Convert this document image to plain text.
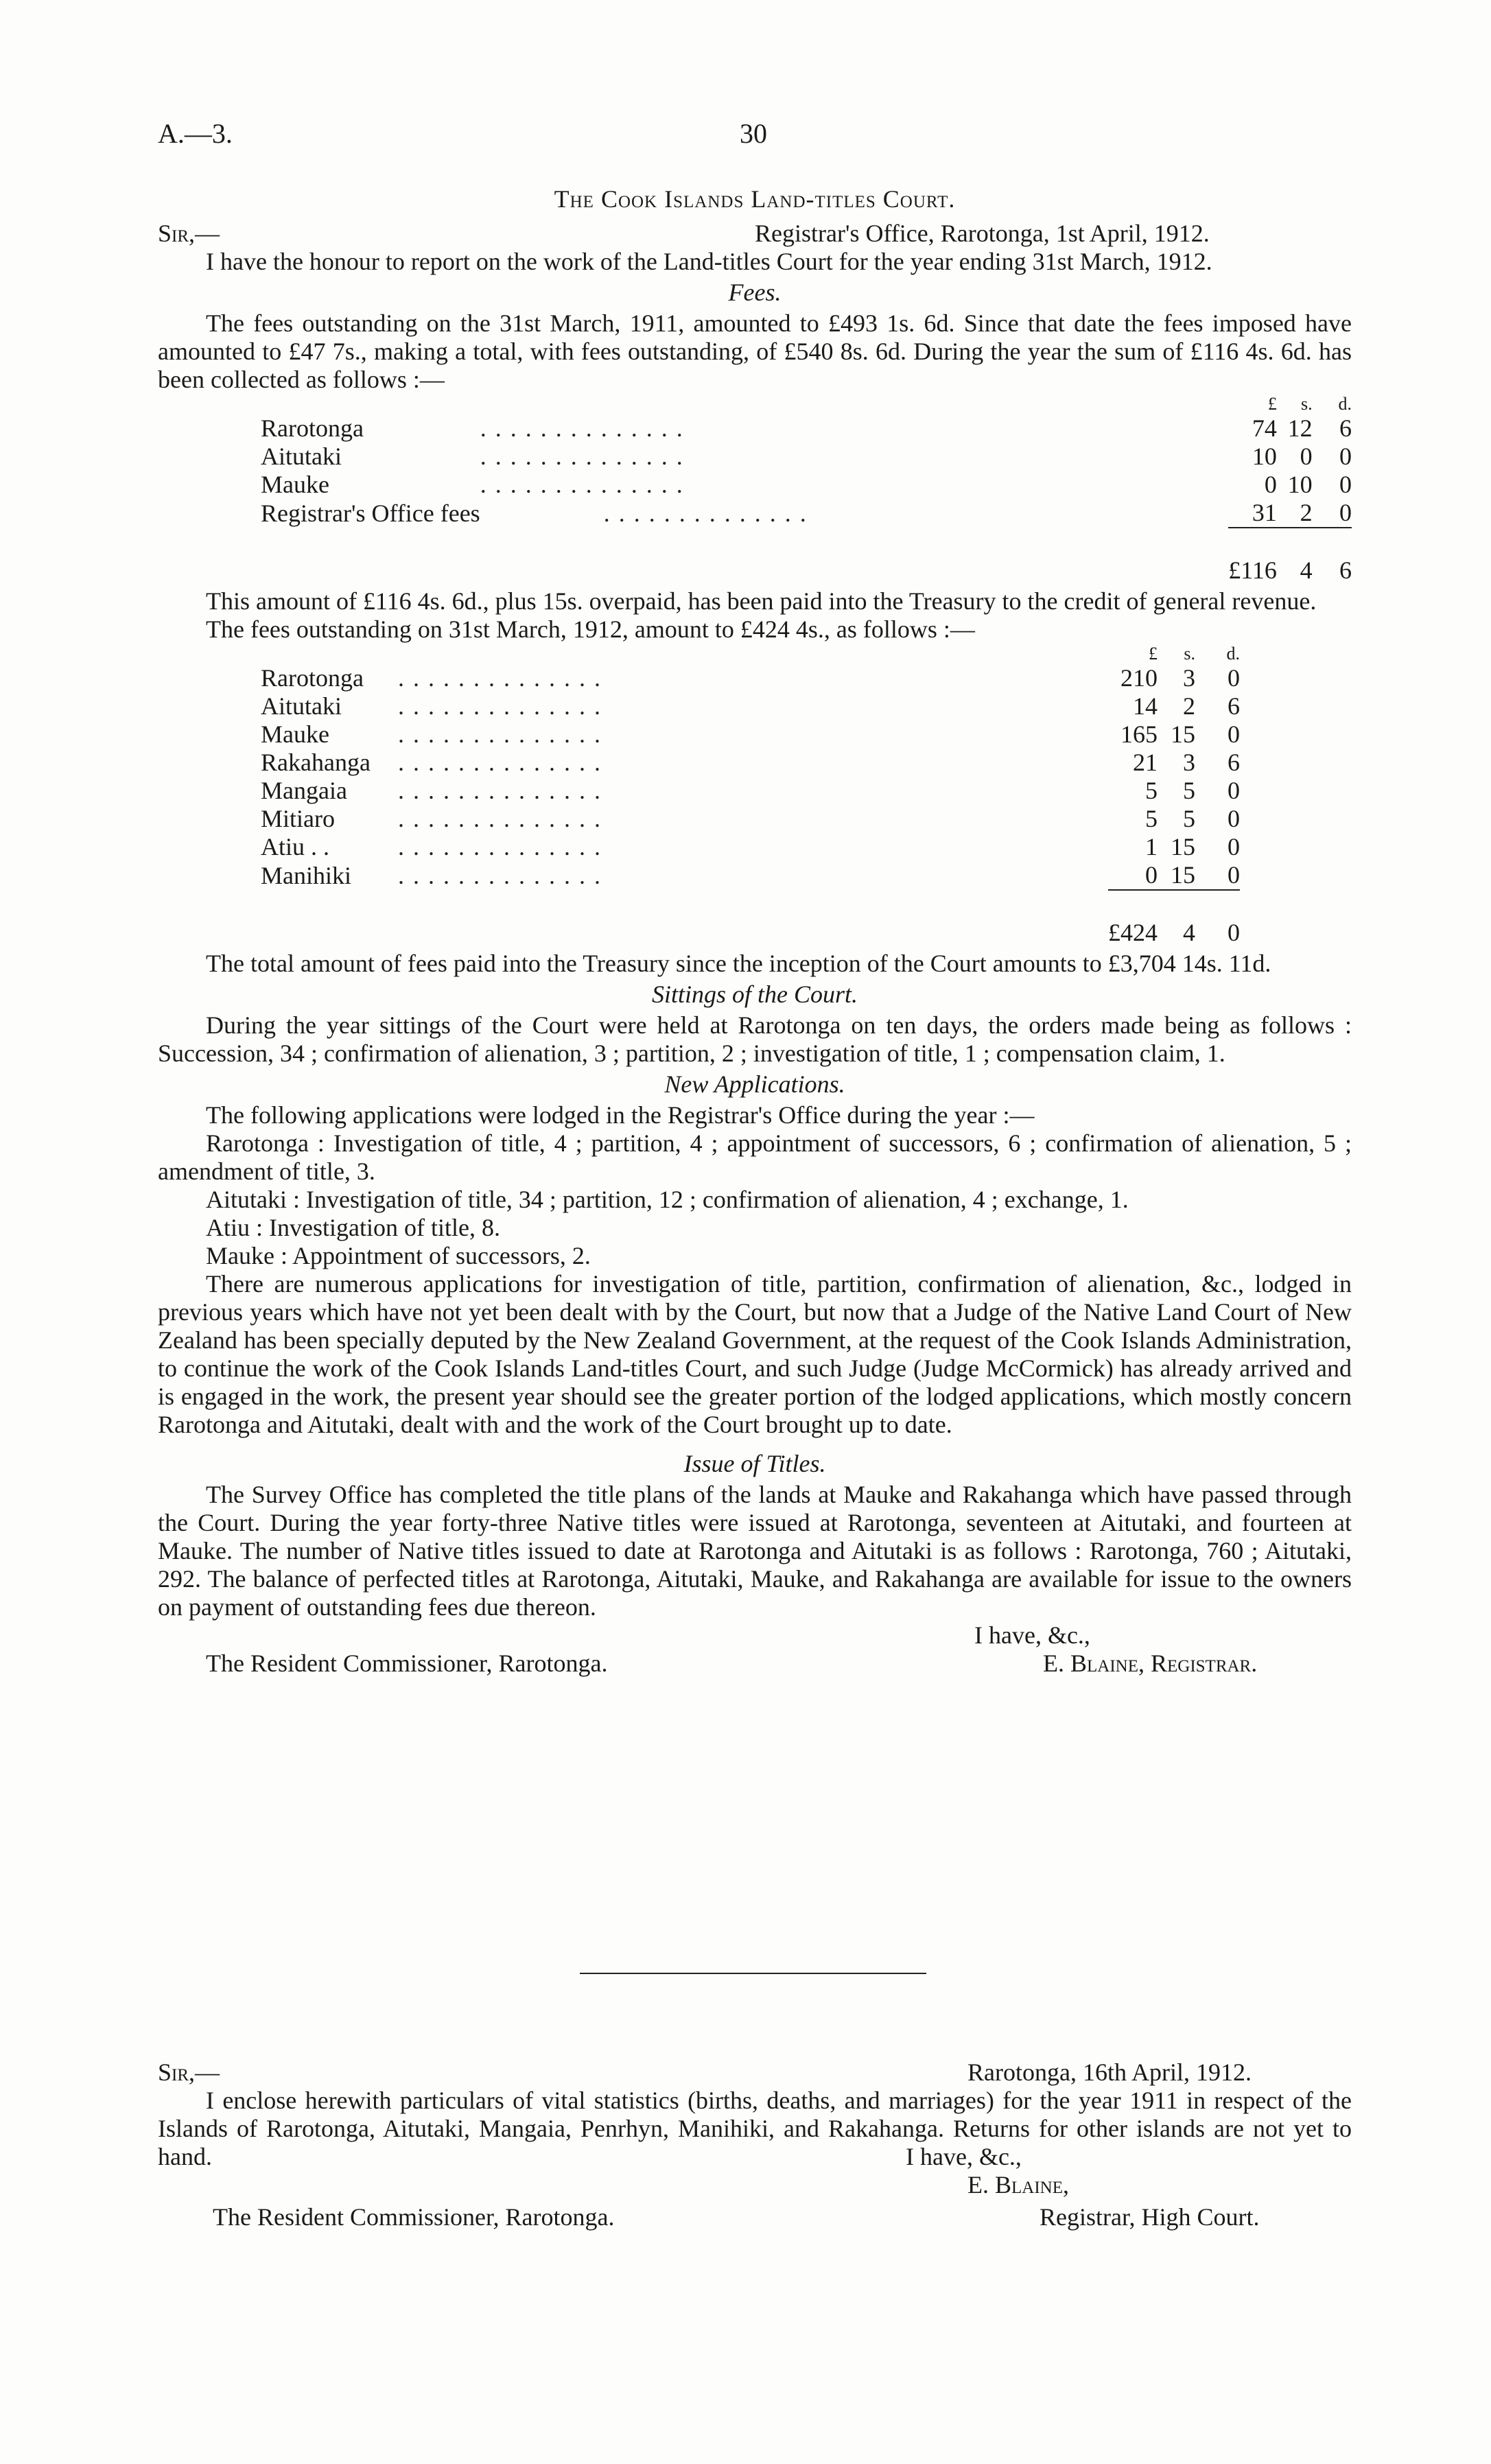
A.—3.	30
The Cook Islands Land-titles Court.
Sir,—	Registrar's Office, Rarotonga, 1st April, 1912.

I have the honour to report on the work of the Land-titles Court for the year ending 31st March, 1912.

Fees.

The fees outstanding on the 31st March, 1911, amounted to £493 1s. 6d. Since that date the fees imposed have amounted to £47 7s., making a total, with fees outstanding, of £540 8s. 6d. During the year the sum of £116 4s. 6d. has been collected as follows :—

		£	s.	d.
Rarotonga	. . . . . . . . . . . . . .	74	12	6
Aitutaki	. . . . . . . . . . . . . .	10	0	0
Mauke	. . . . . . . . . . . . . .	0	10	0
Registrar's Office fees	. . . . . . . . . . . . . .	31	2	0

		£116	4	6

This amount of £116 4s. 6d., plus 15s. overpaid, has been paid into the Treasury to the credit of general revenue.

The fees outstanding on 31st March, 1912, amount to £424 4s., as follows :—

		£	s.	d.
Rarotonga	. . . . . . . . . . . . . .	210	3	0
Aitutaki	. . . . . . . . . . . . . .	14	2	6
Mauke	. . . . . . . . . . . . . .	165	15	0
Rakahanga	. . . . . . . . . . . . . .	21	3	6
Mangaia	. . . . . . . . . . . . . .	5	5	0
Mitiaro	. . . . . . . . . . . . . .	5	5	0
Atiu . .	. . . . . . . . . . . . . .	1	15	0
Manihiki	. . . . . . . . . . . . . .	0	15	0

		£424	4	0

The total amount of fees paid into the Treasury since the inception of the Court amounts to £3,704 14s. 11d.

Sittings of the Court.

During the year sittings of the Court were held at Rarotonga on ten days, the orders made being as follows : Succession, 34 ; confirmation of alienation, 3 ; partition, 2 ; investigation of title, 1 ; compensation claim, 1.

New Applications.

The following applications were lodged in the Registrar's Office during the year :—

Rarotonga : Investigation of title, 4 ; partition, 4 ; appointment of successors, 6 ; confirmation of alienation, 5 ; amendment of title, 3.

Aitutaki : Investigation of title, 34 ; partition, 12 ; confirmation of alienation, 4 ; exchange, 1.

Atiu : Investigation of title, 8.

Mauke : Appointment of successors, 2.

There are numerous applications for investigation of title, partition, confirmation of alienation, &c., lodged in previous years which have not yet been dealt with by the Court, but now that a Judge of the Native Land Court of New Zealand has been specially deputed by the New Zealand Government, at the request of the Cook Islands Administration, to continue the work of the Cook Islands Land-titles Court, and such Judge (Judge McCormick) has already arrived and is engaged in the work, the present year should see the greater portion of the lodged applications, which mostly concern Rarotonga and Aitutaki, dealt with and the work of the Court brought up to date.

Issue of Titles.

The Survey Office has completed the title plans of the lands at Mauke and Rakahanga which have passed through the Court. During the year forty-three Native titles were issued at Rarotonga, seventeen at Aitutaki, and fourteen at Mauke. The number of Native titles issued to date at Rarotonga and Aitutaki is as follows : Rarotonga, 760 ; Aitutaki, 292. The balance of perfected titles at Rarotonga, Aitutaki, Mauke, and Rakahanga are available for issue to the owners on payment of outstanding fees due thereon.

I have, &c.,
The Resident Commissioner, Rarotonga.	E. Blaine, Registrar.
Sir,—	Rarotonga, 16th April, 1912.

I enclose herewith particulars of vital statistics (births, deaths, and marriages) for the year 1911 in respect of the Islands of Rarotonga, Aitutaki, Mangaia, Penrhyn, Manihiki, and Rakahanga. Returns for other islands are not yet to hand.	I have, &c.,
E. Blaine,
The Resident Commissioner, Rarotonga.	Registrar, High Court.
